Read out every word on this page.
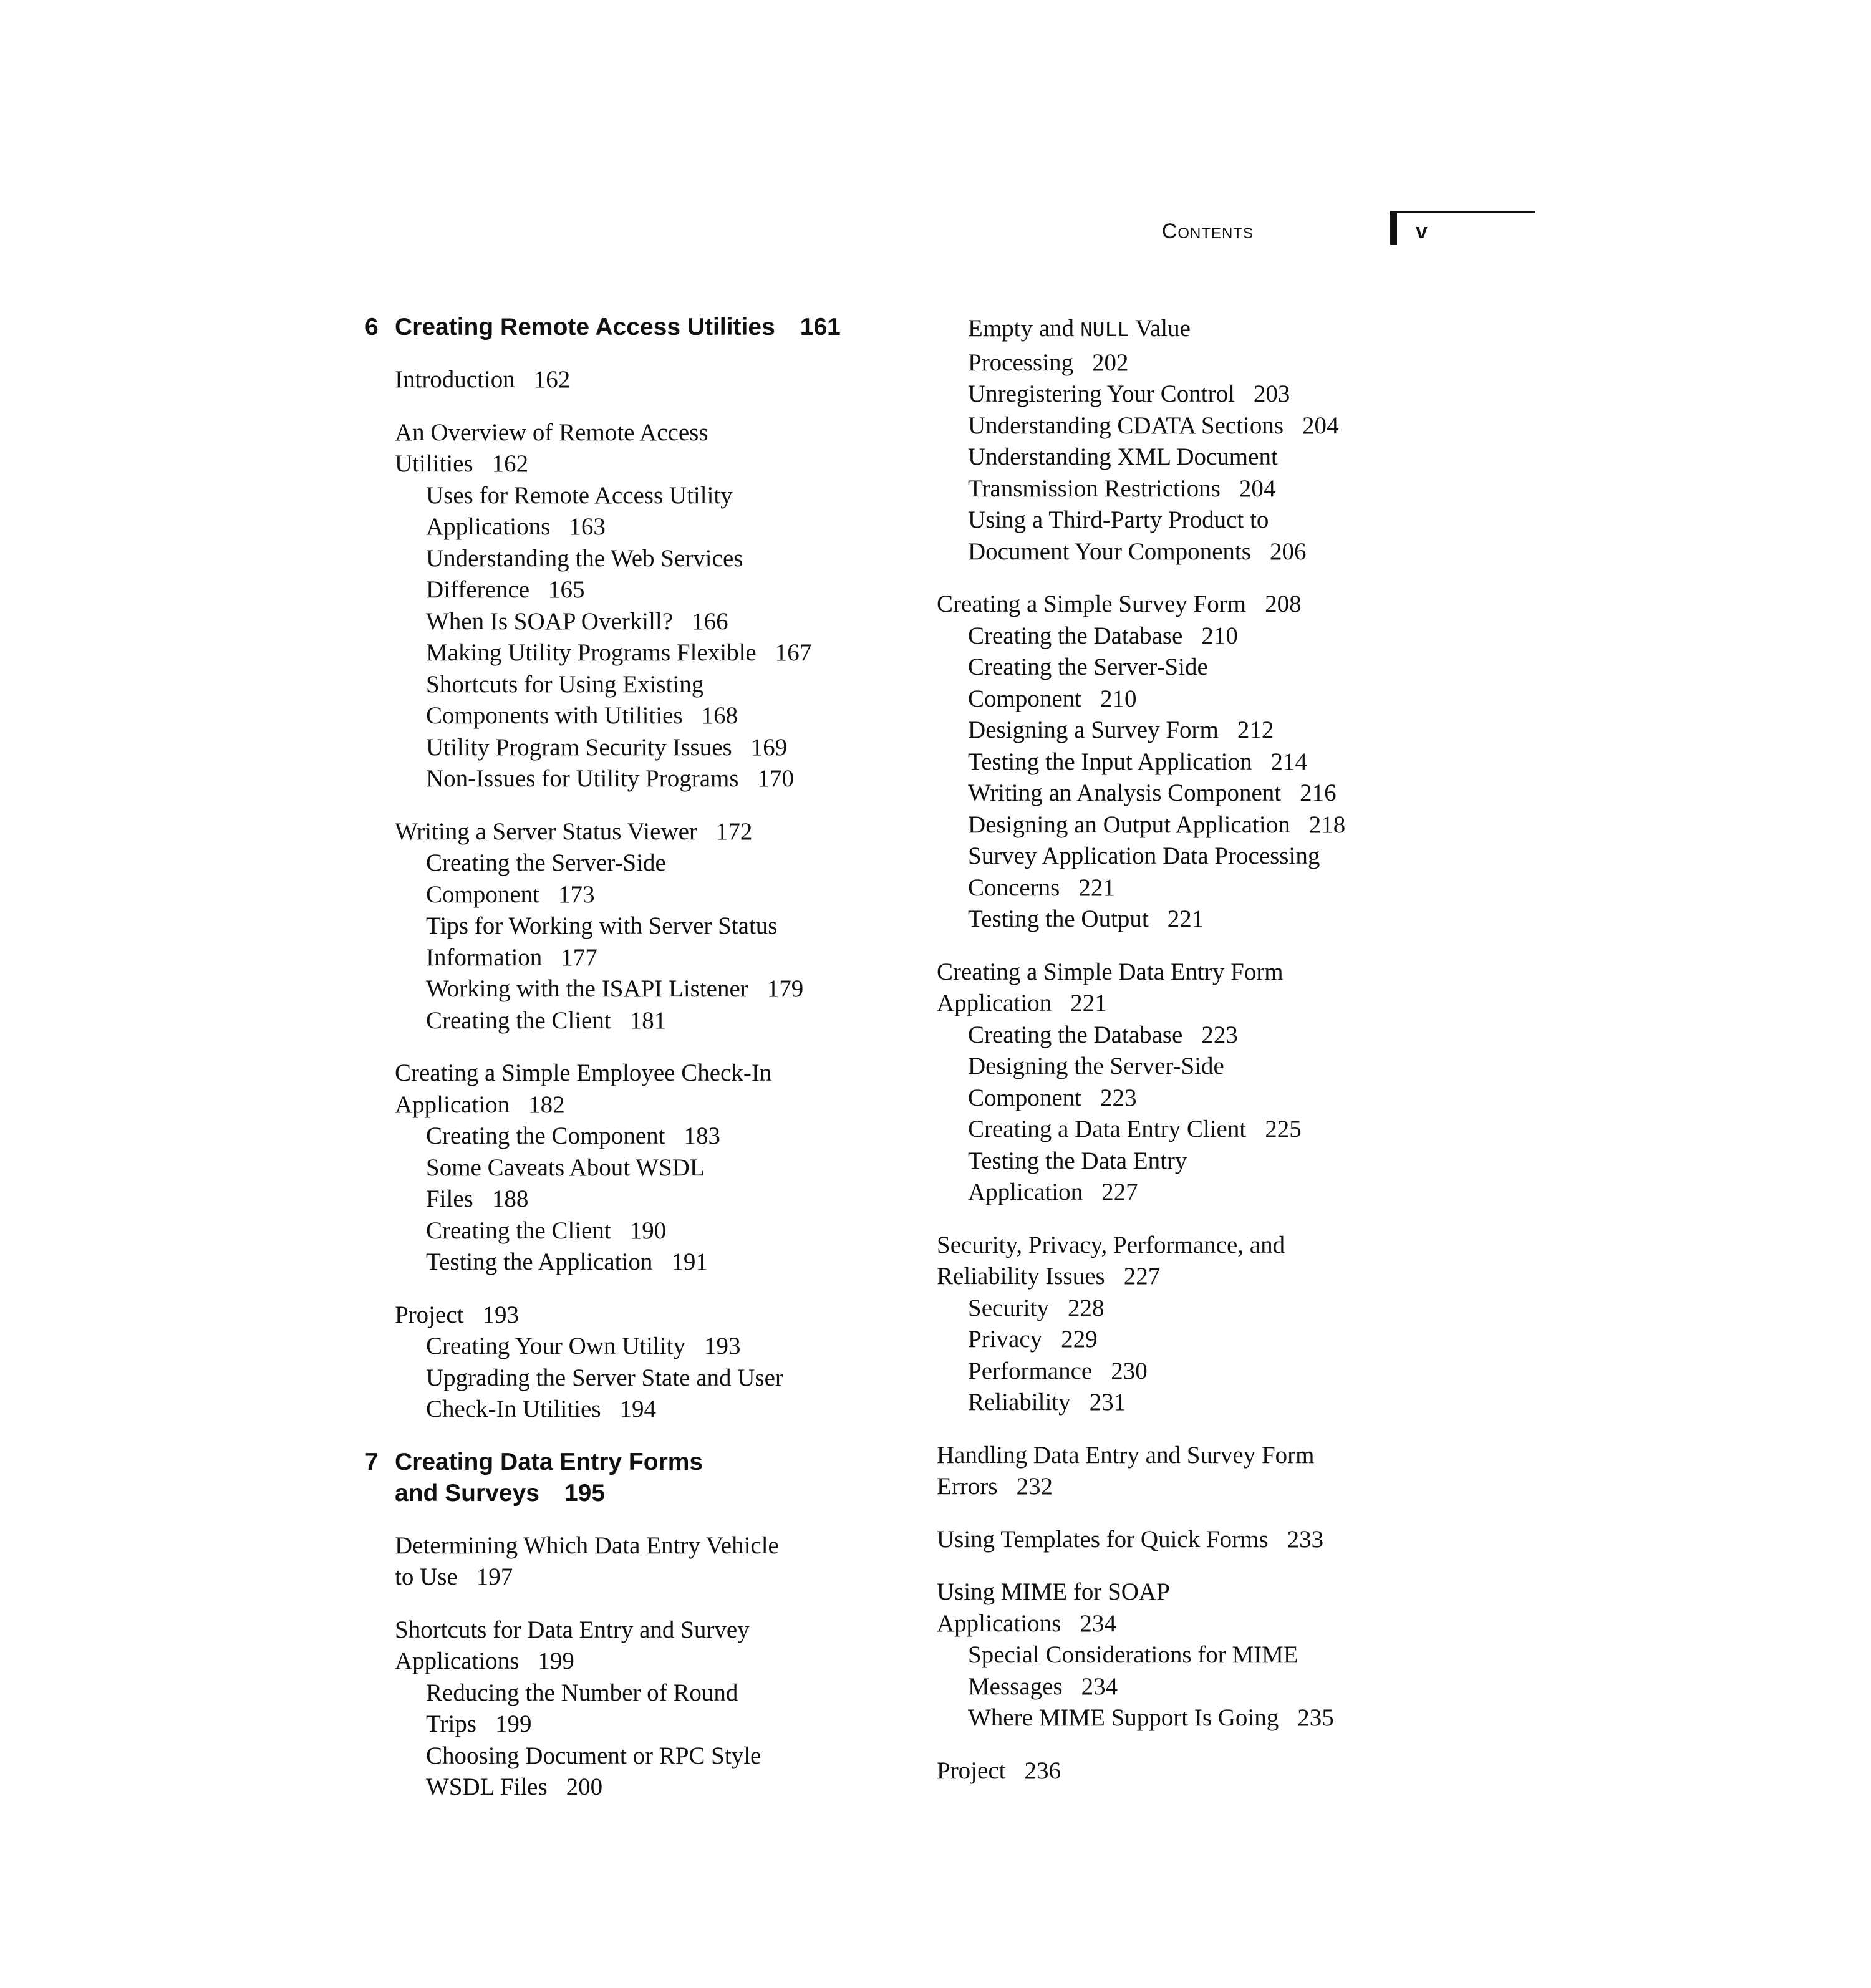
Contents	v
6 Creating Remote Access Utilities 161
Introduction 162
An Overview of Remote Access
Utilities 162
Uses for Remote Access Utility
Applications 163
Understanding the Web Services
Difference 165
When Is SOAP Overkill? 166
Making Utility Programs Flexible 167
Shortcuts for Using Existing
Components with Utilities 168
Utility Program Security Issues 169
Non-Issues for Utility Programs 170
Writing a Server Status Viewer 172
Creating the Server-Side
Component 173
Tips for Working with Server Status
Information 177
Working with the ISAPI Listener 179
Creating the Client 181
Creating a Simple Employee Check-In
Application 182
Creating the Component 183
Some Caveats About WSDL
Files 188
Creating the Client 190
Testing the Application 191
Project 193
Creating Your Own Utility 193
Upgrading the Server State and User
Check-In Utilities 194
7 Creating Data Entry Forms
and Surveys 195
Determining Which Data Entry Vehicle
to Use 197
Shortcuts for Data Entry and Survey
Applications 199
Reducing the Number of Round
Trips 199
Choosing Document or RPC Style
WSDL Files 200
Empty and NULL Value
Processing 202
Unregistering Your Control 203
Understanding CDATA Sections 204
Understanding XML Document
Transmission Restrictions 204
Using a Third-Party Product to
Document Your Components 206
Creating a Simple Survey Form 208
Creating the Database 210
Creating the Server-Side
Component 210
Designing a Survey Form 212
Testing the Input Application 214
Writing an Analysis Component 216
Designing an Output Application 218
Survey Application Data Processing
Concerns 221
Testing the Output 221
Creating a Simple Data Entry Form
Application 221
Creating the Database 223
Designing the Server-Side
Component 223
Creating a Data Entry Client 225
Testing the Data Entry
Application 227
Security, Privacy, Performance, and
Reliability Issues 227
Security 228
Privacy 229
Performance 230
Reliability 231
Handling Data Entry and Survey Form
Errors 232
Using Templates for Quick Forms 233
Using MIME for SOAP
Applications 234
Special Considerations for MIME
Messages 234
Where MIME Support Is Going 235
Project 236
